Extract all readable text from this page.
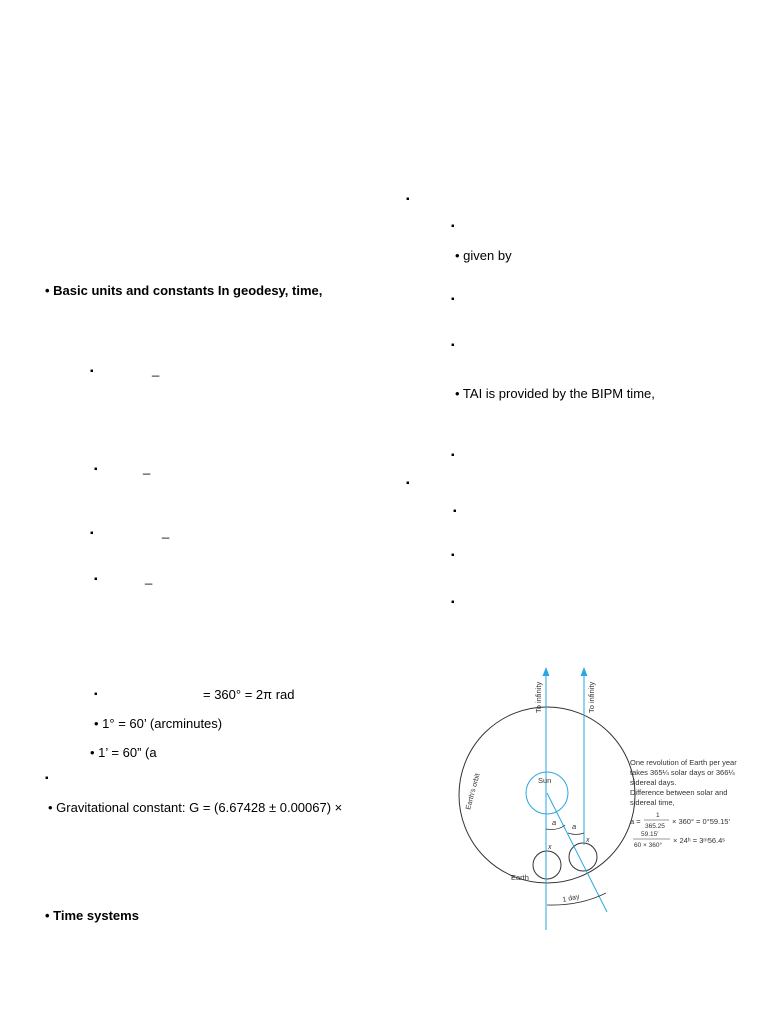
▪
▪
• given by
▪
▪
• TAI is provided by the BIPM time,
▪
▪
▪
▪
▪
• Basic units and constants In geodesy, time,
▪	_
▪	_
▪	_
▪	_
▪	= 360° = 2π rad
• 1° = 60’ (arcminutes)
• 1’ = 60” (a
▪
• Gravitational constant: G = (6.67428 ± 0.00067) ×
• Time systems
To infinity	To infinity
Earth's orbit	Sun
Earth
a a
x
x
1 day
One revolution of Earth per year
takes 365¼ solar days or 366¼
sidereal days.
Difference between solar and
sidereal time,
a =
1
365.25
× 360° = 0°59.15′
59.15′
60 × 360°
× 24ʰ = 3ᵐ56.4ˢ
